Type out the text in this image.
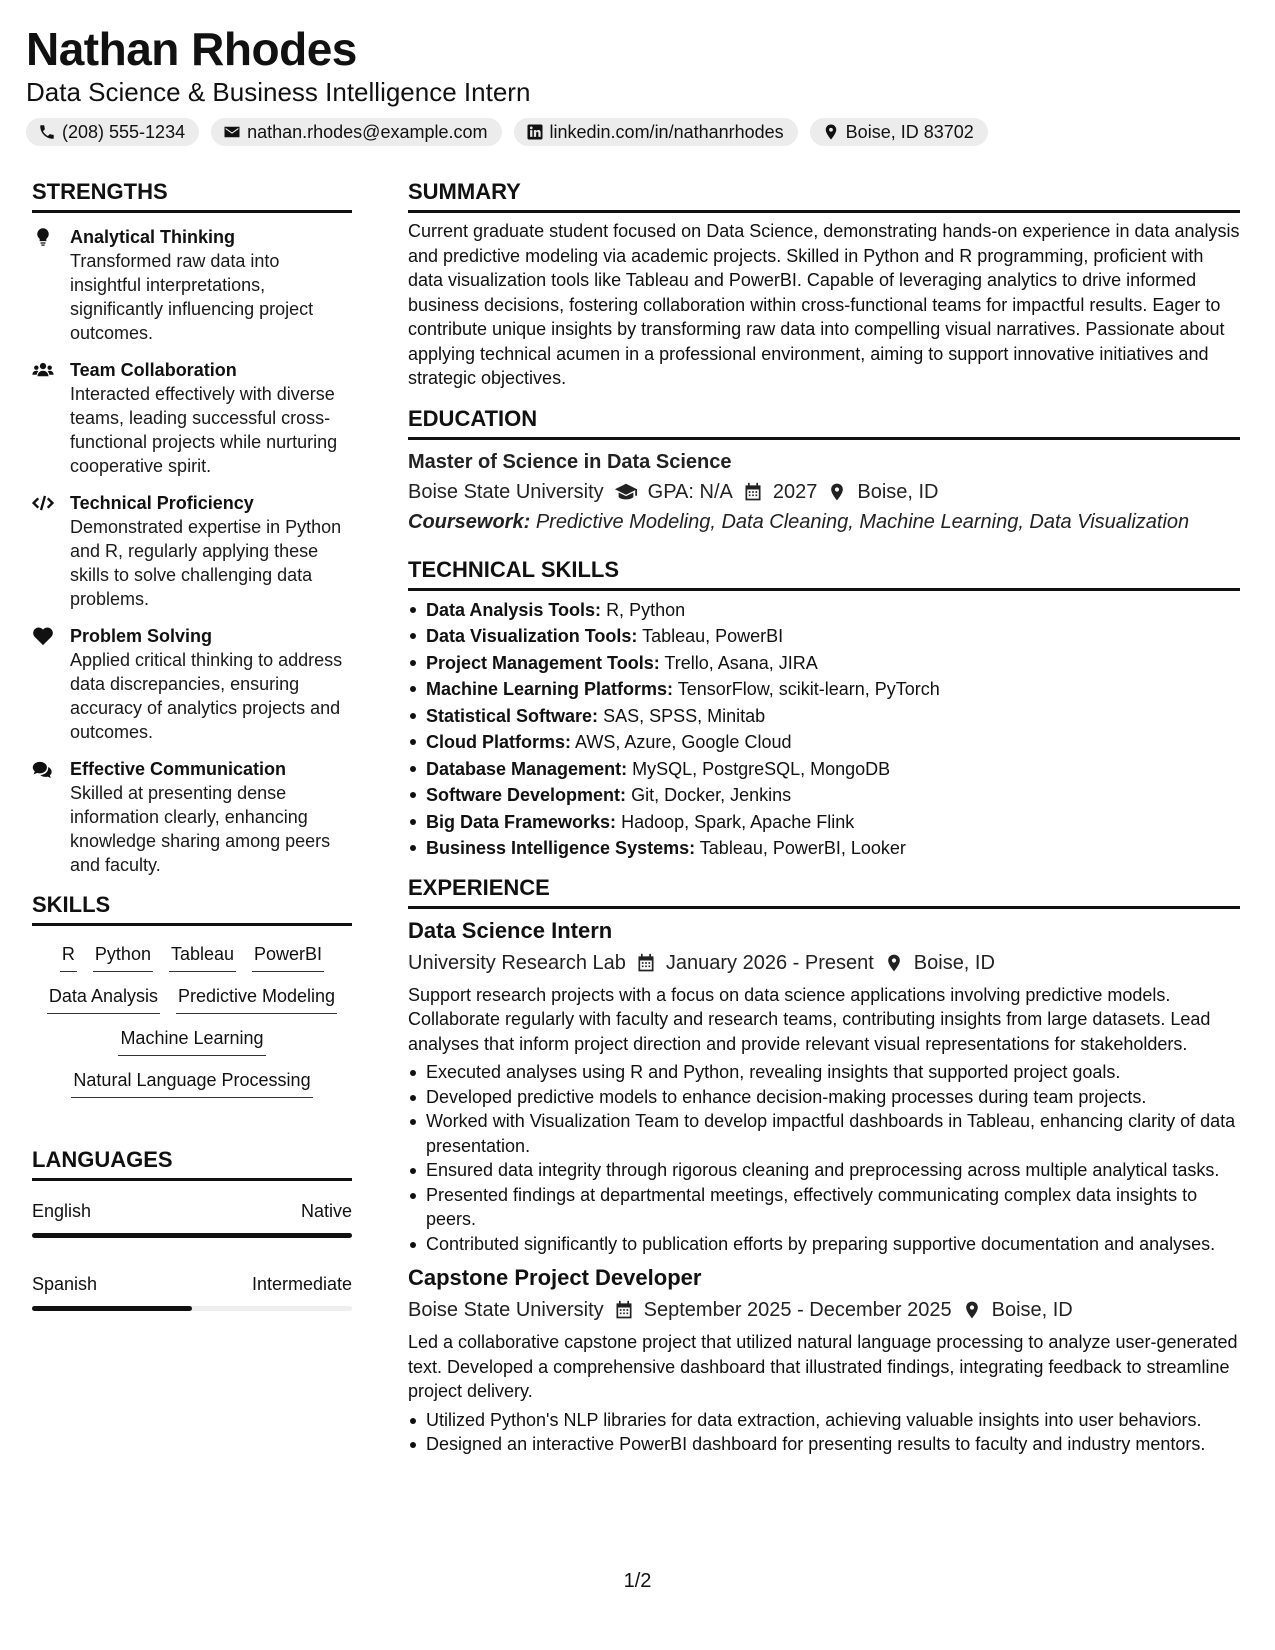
Nathan Rhodes
Data Science & Business Intelligence Intern
(208) 555-1234	nathan.rhodes@example.com	linkedin.com/in/nathanrhodes	Boise, ID 83702
STRENGTHS
Analytical Thinking
Transformed raw data into insightful interpretations, significantly influencing project outcomes.
Team Collaboration
Interacted effectively with diverse teams, leading successful cross-functional projects while nurturing cooperative spirit.
Technical Proficiency
Demonstrated expertise in Python and R, regularly applying these skills to solve challenging data problems.
Problem Solving
Applied critical thinking to address data discrepancies, ensuring accuracy of analytics projects and outcomes.
Effective Communication
Skilled at presenting dense information clearly, enhancing knowledge sharing among peers and faculty.
SKILLS
R Python Tableau PowerBI
Data Analysis Predictive Modeling
Machine Learning
Natural Language Processing
LANGUAGES
English	Native
Spanish	Intermediate
SUMMARY
Current graduate student focused on Data Science, demonstrating hands-on experience in data analysis and predictive modeling via academic projects. Skilled in Python and R programming, proficient with data visualization tools like Tableau and PowerBI. Capable of leveraging analytics to drive informed business decisions, fostering collaboration within cross-functional teams for impactful results. Eager to contribute unique insights by transforming raw data into compelling visual narratives. Passionate about applying technical acumen in a professional environment, aiming to support innovative initiatives and strategic objectives.
EDUCATION
Master of Science in Data Science
Boise State University GPA: N/A 2027 Boise, ID
Coursework: Predictive Modeling, Data Cleaning, Machine Learning, Data Visualization
TECHNICAL SKILLS
Data Analysis Tools: R, Python
Data Visualization Tools: Tableau, PowerBI
Project Management Tools: Trello, Asana, JIRA
Machine Learning Platforms: TensorFlow, scikit-learn, PyTorch
Statistical Software: SAS, SPSS, Minitab
Cloud Platforms: AWS, Azure, Google Cloud
Database Management: MySQL, PostgreSQL, MongoDB
Software Development: Git, Docker, Jenkins
Big Data Frameworks: Hadoop, Spark, Apache Flink
Business Intelligence Systems: Tableau, PowerBI, Looker
EXPERIENCE
Data Science Intern
University Research Lab January 2026 - Present Boise, ID
Support research projects with a focus on data science applications involving predictive models. Collaborate regularly with faculty and research teams, contributing insights from large datasets. Lead analyses that inform project direction and provide relevant visual representations for stakeholders.
Executed analyses using R and Python, revealing insights that supported project goals.
Developed predictive models to enhance decision-making processes during team projects.
Worked with Visualization Team to develop impactful dashboards in Tableau, enhancing clarity of data presentation.
Ensured data integrity through rigorous cleaning and preprocessing across multiple analytical tasks.
Presented findings at departmental meetings, effectively communicating complex data insights to peers.
Contributed significantly to publication efforts by preparing supportive documentation and analyses.
Capstone Project Developer
Boise State University September 2025 - December 2025 Boise, ID
Led a collaborative capstone project that utilized natural language processing to analyze user-generated text. Developed a comprehensive dashboard that illustrated findings, integrating feedback to streamline project delivery.
Utilized Python's NLP libraries for data extraction, achieving valuable insights into user behaviors.
Designed an interactive PowerBI dashboard for presenting results to faculty and industry mentors.
1/2
